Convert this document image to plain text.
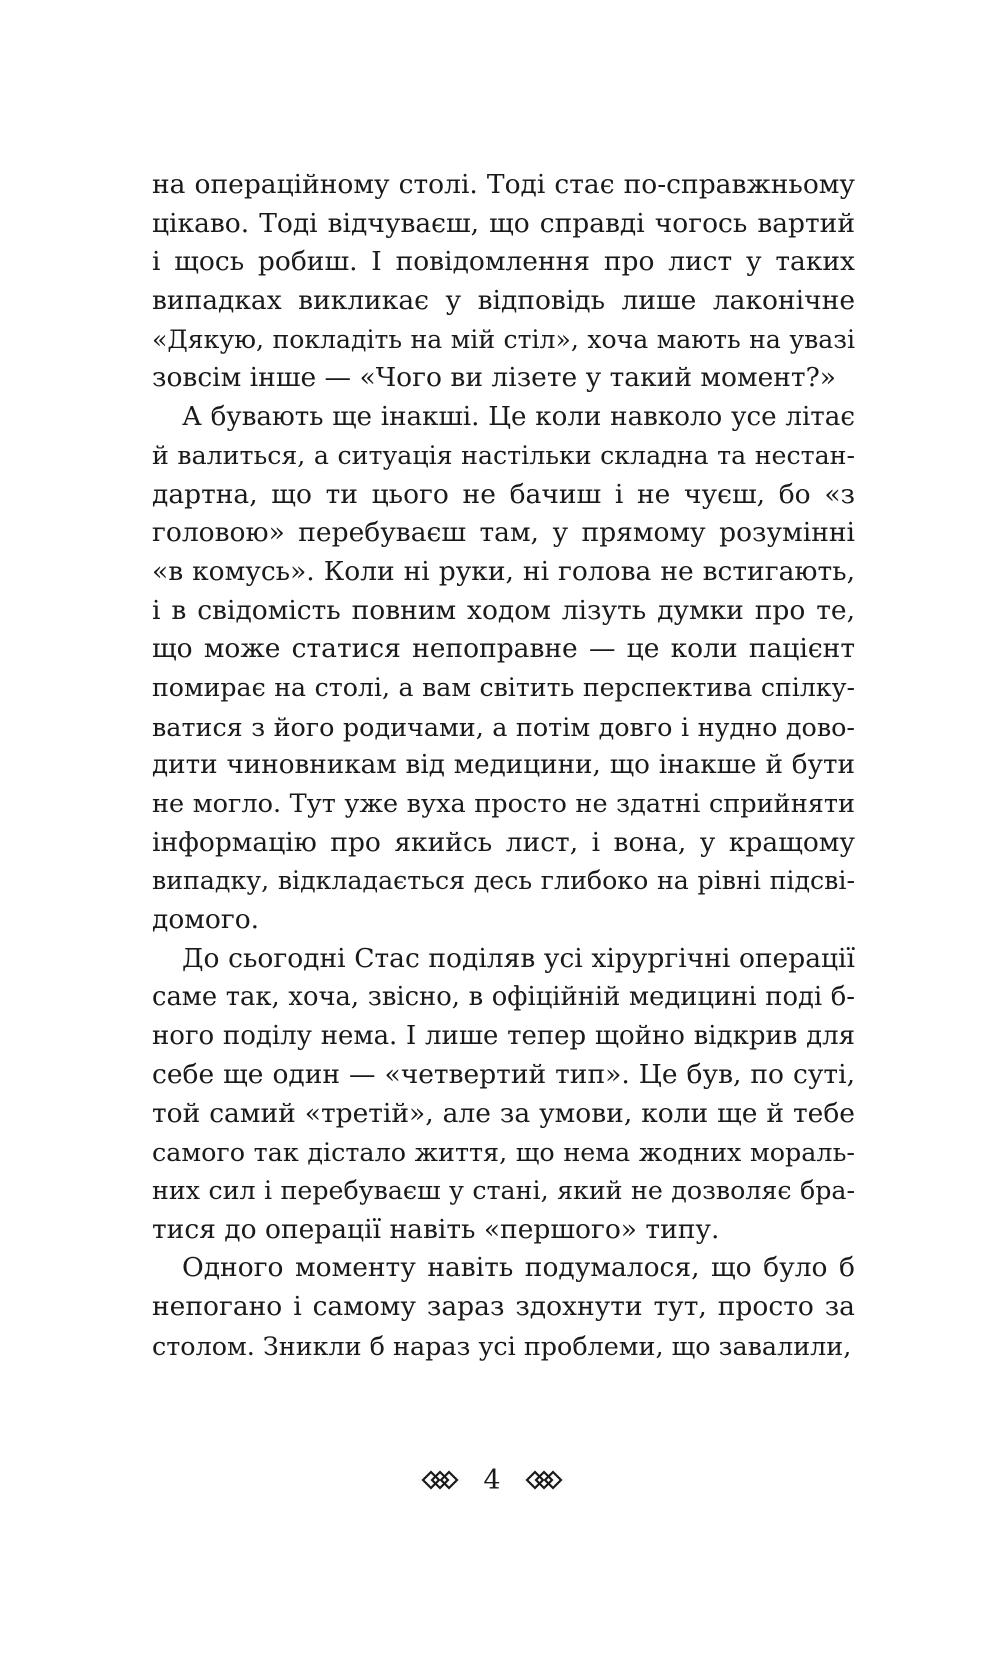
на операційному столі. Тоді стає по-справжньому
цікаво. Тоді відчуваєш, що справді чогось вартий
і щось робиш. І повідомлення про лист у таких
випадках викликає у відповідь лише лаконічне
«Дякую, покладіть на мій стіл», хоча мають на увазі
зовсім інше — «Чого ви лізете у такий момент?»
А бувають ще інакші. Це коли навколо усе літає
й валиться, а ситуація настільки складна та нестан-
дартна, що ти цього не бачиш і не чуєш, бо «з
головою» перебуваєш там, у прямому розумінні
«в комусь». Коли ні руки, ні голова не встигають,
і в свідомість повним ходом лізуть думки про те,
що може статися непоправне — це коли пацієнт
помирає на столі, а вам світить перспектива спілку-
ватися з його родичами, а потім довго і нудно дово-
дити чиновникам від медицини, що інакше й бути
не могло. Тут уже вуха просто не здатні сприйняти
інформацію про якийсь лист, і вона, у кращому
випадку, відкладається десь глибоко на рівні підсві-
домого.
До сьогодні Стас поділяв усі хірургічні операції
саме так, хоча, звісно, в офіційній медицині поді б-
ного поділу нема. І лише тепер щойно відкрив для
себе ще один — «четвертий тип». Це був, по суті,
той самий «третій», але за умови, коли ще й тебе
самого так дістало життя, що нема жодних мораль-
них сил і перебуваєш у стані, який не дозволяє бра-
тися до операції навіть «першого» типу.
Одного моменту навіть подумалося, що було б
непогано і самому зараз здохнути тут, просто за
столом. Зникли б нараз усі проблеми, що завалили,
4
